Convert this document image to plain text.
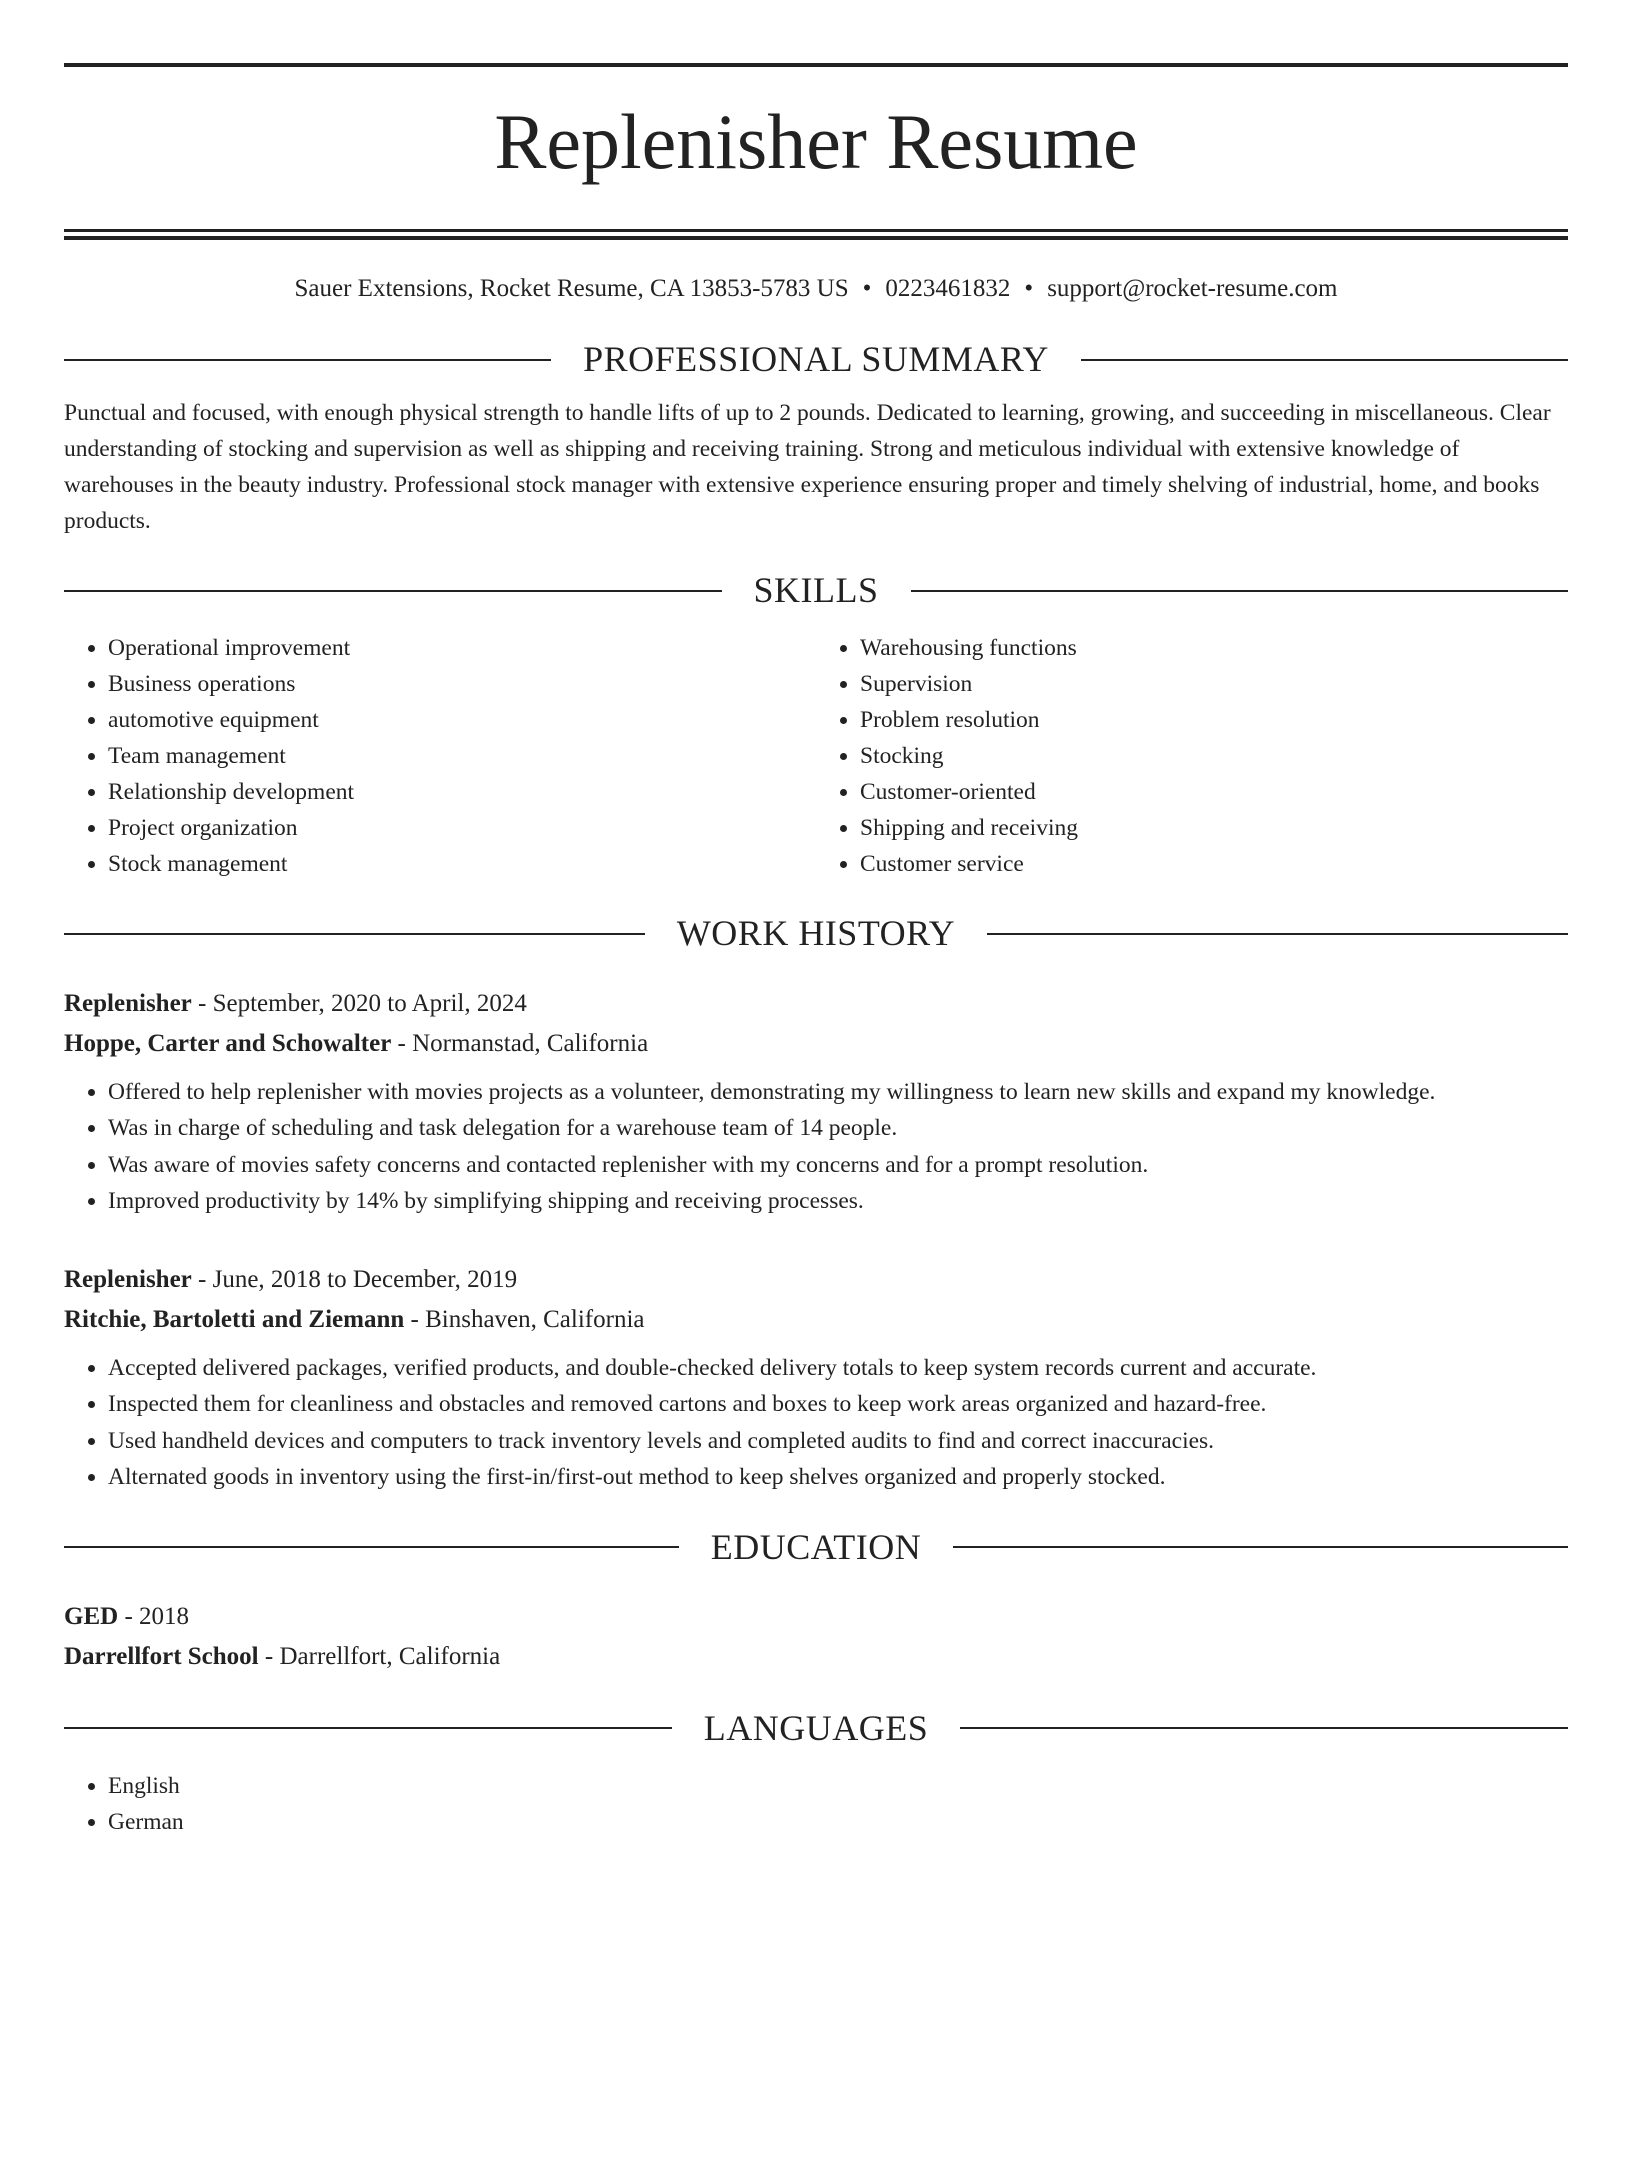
Replenisher Resume
Sauer Extensions, Rocket Resume, CA 13853-5783 US • 0223461832 • support@rocket-resume.com
PROFESSIONAL SUMMARY
Punctual and focused, with enough physical strength to handle lifts of up to 2 pounds. Dedicated to learning, growing, and succeeding in miscellaneous. Clear understanding of stocking and supervision as well as shipping and receiving training. Strong and meticulous individual with extensive knowledge of warehouses in the beauty industry. Professional stock manager with extensive experience ensuring proper and timely shelving of industrial, home, and books products.
SKILLS
• Operational improvement
• Business operations
• automotive equipment
• Team management
• Relationship development
• Project organization
• Stock management
• Warehousing functions
• Supervision
• Problem resolution
• Stocking
• Customer-oriented
• Shipping and receiving
• Customer service
WORK HISTORY
Replenisher - September, 2020 to April, 2024
Hoppe, Carter and Schowalter - Normanstad, California
• Offered to help replenisher with movies projects as a volunteer, demonstrating my willingness to learn new skills and expand my knowledge.
• Was in charge of scheduling and task delegation for a warehouse team of 14 people.
• Was aware of movies safety concerns and contacted replenisher with my concerns and for a prompt resolution.
• Improved productivity by 14% by simplifying shipping and receiving processes.
Replenisher - June, 2018 to December, 2019
Ritchie, Bartoletti and Ziemann - Binshaven, California
• Accepted delivered packages, verified products, and double-checked delivery totals to keep system records current and accurate.
• Inspected them for cleanliness and obstacles and removed cartons and boxes to keep work areas organized and hazard-free.
• Used handheld devices and computers to track inventory levels and completed audits to find and correct inaccuracies.
• Alternated goods in inventory using the first-in/first-out method to keep shelves organized and properly stocked.
EDUCATION
GED - 2018
Darrellfort School - Darrellfort, California
LANGUAGES
• English
• German
